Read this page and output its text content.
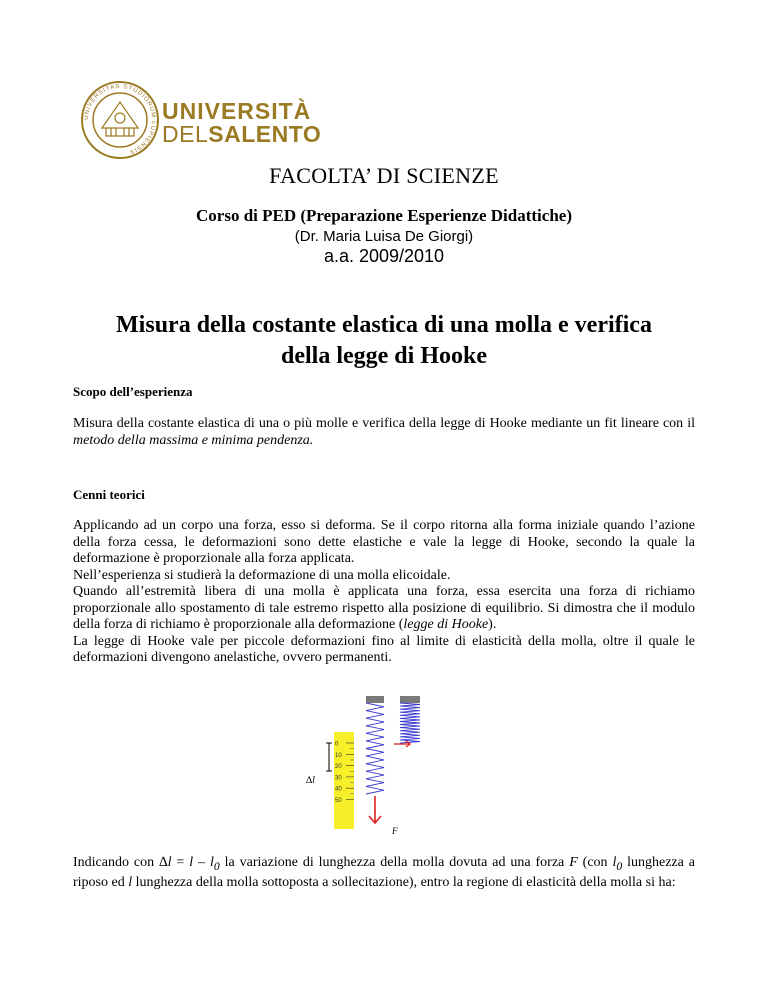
UNIVERSITAS STUDIORUM LUPIENSIS
UNIVERSITÀ
DELSALENTO
FACOLTA’ DI SCIENZE
Corso di PED (Preparazione Esperienze Didattiche)
(Dr. Maria Luisa De Giorgi)
a.a. 2009/2010
Misura della costante elastica di una molla e verifica
della legge di Hooke
Scopo dell’esperienza
Misura della costante elastica di una o più molle e verifica della legge di Hooke mediante un fit lineare con il metodo della massima e minima pendenza.
Cenni teorici
Applicando ad un corpo una forza, esso si deforma. Se il corpo ritorna alla forma iniziale quando l’azione della forza cessa, le deformazioni sono dette elastiche e vale la legge di Hooke, secondo la quale la deformazione è proporzionale alla forza applicata.
Nell’esperienza si studierà la deformazione di una molla elicoidale.
Quando all’estremità libera di una molla è applicata una forza, essa esercita una forza di richiamo proporzionale allo spostamento di tale estremo rispetto alla posizione di equilibrio. Si dimostra che il modulo della forza di richiamo è proporzionale alla deformazione (legge di Hooke).
La legge di Hooke vale per piccole deformazioni fino al limite di elasticità della molla, oltre il quale le deformazioni divengono anelastiche, ovvero permanenti.
0
10
20
30
40
50
∆l
F
Indicando con $\Delta l = l - l_0$ la variazione di lunghezza della molla dovuta ad una forza F (con $l_0$ lunghezza a riposo ed l lunghezza della molla sottoposta a sollecitazione), entro la regione di elasticità della molla si ha:
